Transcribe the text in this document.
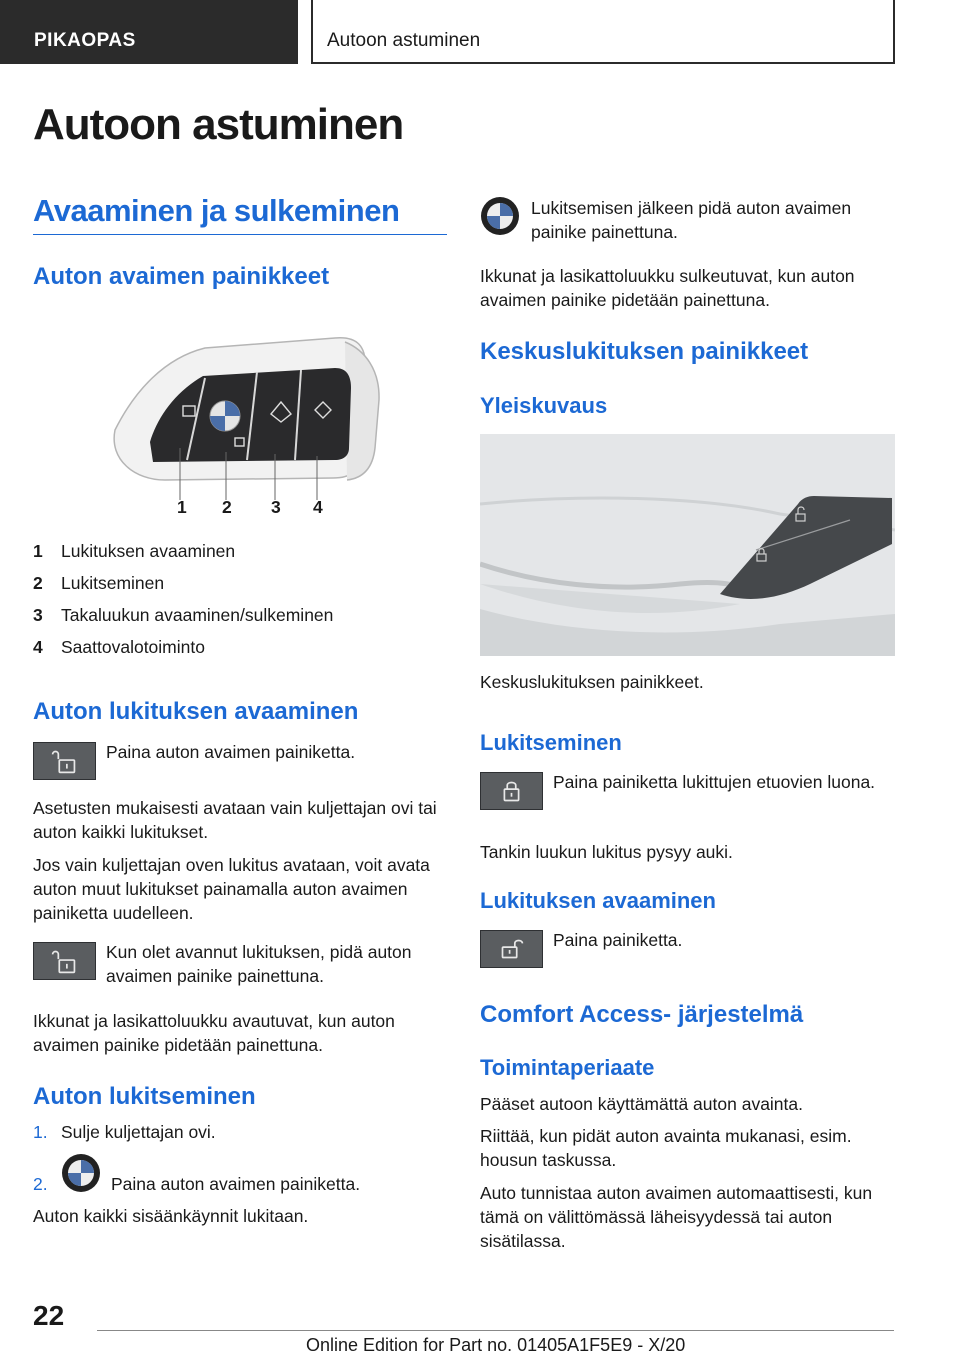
PIKAOPAS	Autoon astuminen
Autoon astuminen
Avaaminen ja sulkeminen
Auton avaimen painikkeet
1 2 3 4
1 Lukituksen avaaminen
2 Lukitseminen
3 Takaluukun avaaminen/sulkeminen
4 Saattovalotoiminto
Auton lukituksen avaaminen
Paina auton avaimen painiketta.
Asetusten mukaisesti avataan vain kuljettajan ovi tai auton kaikki lukitukset.
Jos vain kuljettajan oven lukitus avataan, voit avata auton muut lukitukset painamalla auton avaimen painiketta uudelleen.
Kun olet avannut lukituksen, pidä auton avaimen painike painettuna.
Ikkunat ja lasikattoluukku avautuvat, kun auton avaimen painike pidetään painettuna.
Auton lukitseminen
1. Sulje kuljettajan ovi.
2.	Paina auton avaimen painiketta.
Auton kaikki sisäänkäynnit lukitaan.
Lukitsemisen jälkeen pidä auton avaimen painike painettuna.
Ikkunat ja lasikattoluukku sulkeutuvat, kun auton avaimen painike pidetään painettuna.
Keskuslukituksen painikkeet
Yleiskuvaus
Keskuslukituksen painikkeet.
Lukitseminen
Paina painiketta lukittujen etuovien luona.
Tankin luukun lukitus pysyy auki.
Lukituksen avaaminen
Paina painiketta.
Comfort Access- järjestelmä
Toimintaperiaate
Pääset autoon käyttämättä auton avainta.
Riittää, kun pidät auton avainta mukanasi, esim. housun taskussa.
Auto tunnistaa auton avaimen automaattisesti, kun tämä on välittömässä läheisyydessä tai auton sisätilassa.
22
Online Edition for Part no. 01405A1F5E9 - X/20
